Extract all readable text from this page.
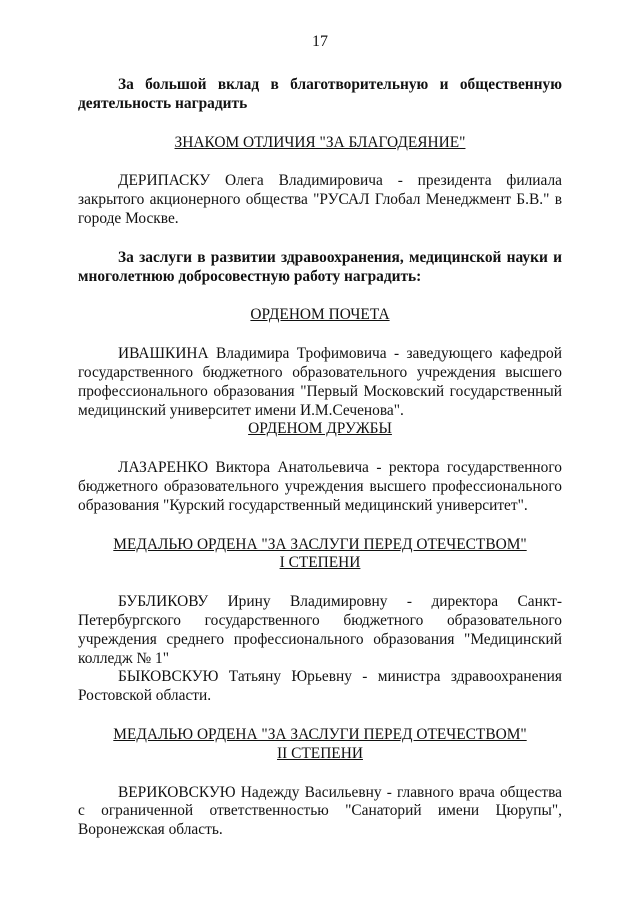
17

За большой вклад в благотворительную и общественную деятельность наградить

ЗНАКОМ ОТЛИЧИЯ "ЗА БЛАГОДЕЯНИЕ"

ДЕРИПАСКУ Олега Владимировича - президента филиала закрытого акционерного общества "РУСАЛ Глобал Менеджмент Б.В." в городе Москве.

За заслуги в развитии здравоохранения, медицинской науки и многолетнюю добросовестную работу наградить:

ОРДЕНОМ ПОЧЕТА

ИВАШКИНА Владимира Трофимовича - заведующего кафедрой государственного бюджетного образовательного учреждения высшего профессионального образования "Первый Московский государственный медицинский университет имени И.М.Сеченова".

ОРДЕНОМ ДРУЖБЫ

ЛАЗАРЕНКО Виктора Анатольевича - ректора государственного бюджетного образовательного учреждения высшего профессионального образования "Курский государственный медицинский университет".

МЕДАЛЬЮ ОРДЕНА "ЗА ЗАСЛУГИ ПЕРЕД ОТЕЧЕСТВОМ"

I СТЕПЕНИ

БУБЛИКОВУ Ирину Владимировну - директора Санкт-Петербургского государственного бюджетного образовательного учреждения среднего профессионального образования "Медицинский колледж № 1"

БЫКОВСКУЮ Татьяну Юрьевну - министра здравоохранения Ростовской области.

МЕДАЛЬЮ ОРДЕНА "ЗА ЗАСЛУГИ ПЕРЕД ОТЕЧЕСТВОМ"

II СТЕПЕНИ

ВЕРИКОВСКУЮ Надежду Васильевну - главного врача общества с ограниченной ответственностью "Санаторий имени Цюрупы", Воронежская область.
